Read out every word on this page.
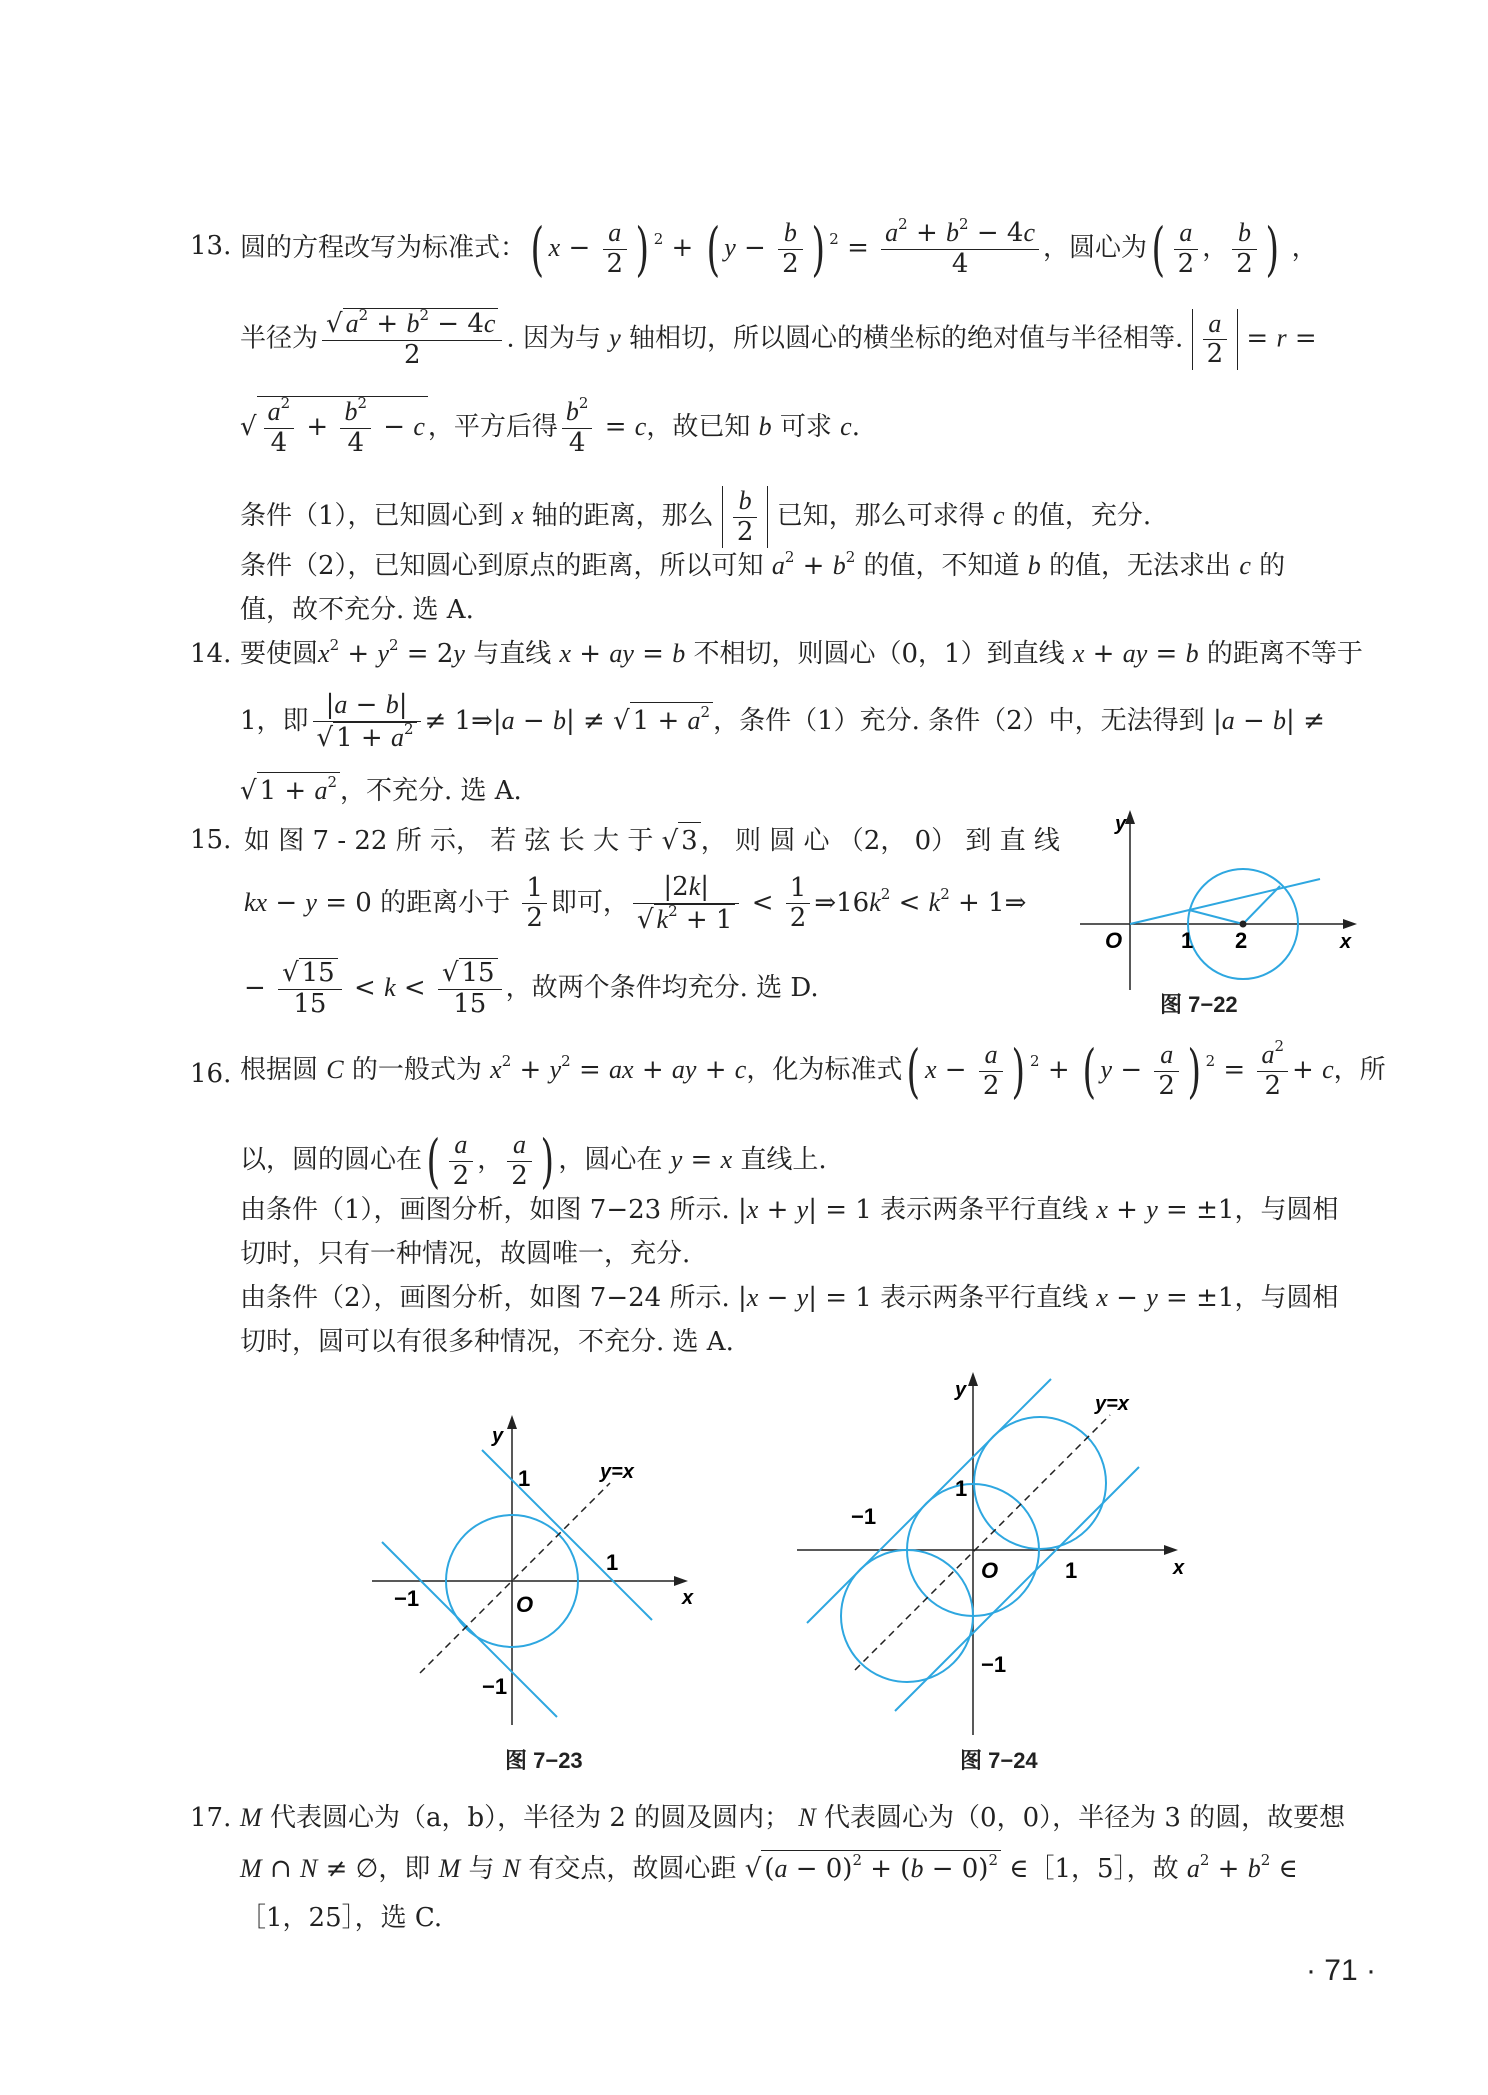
13. 圆的方程改写为标准式：( $x - \frac{a}{2}$ ) $^2$ + ( $y - \frac{b}{2}$ ) $^2 = \frac{a^2 + b^2 - 4c}{4}$ ，圆心为( $\frac{a}{2}$ ， $\frac{b}{2}$ ) ，
半径为 $\frac{√ a^2 + b^2 - 4c}{2}$ . 因为与 y 轴相切，所以圆心的横坐标的绝对值与半径相等. $\frac{a}{2} = r$ =
√ $\frac{a^2}{4} + \frac{b^2}{4} - c$ ，平方后得 $\frac{b^2}{4} = c$，故已知 b 可求 c.
条件（1），已知圆心到 x 轴的距离，那么 $\frac{b}{2}$ 已知，那么可求得 c 的值，充分.
条件（2），已知圆心到原点的距离，所以可知 $a^2 + b^2$ 的值，不知道 b 的值，无法求出 c 的
值，故不充分. 选 A.
14. 要使圆$x^2 + y^2 = 2y$ 与直线 x + ay = b 不相切，则圆心（0，1）到直线 x + ay = b 的距离不等于
1，即 $\frac{|a - b|}{√ 1 + a^2}$ ≠ 1⇒|a − b| ≠ √ $1 + a^2$ ，条件（1）充分. 条件（2）中，无法得到 |a − b| ≠
√ $1 + a^2$ ，不充分. 选 A.
15. 如 图 7 - 22 所 示， 若 弦 长 大 于 √ 3 ， 则 圆 心 （2， 0） 到 直 线
kx − y = 0 的距离小于 $\frac{1}{2}$ 即可， $\frac{|2k|}{√ k^2 + 1} < \frac{1}{2}$ $\Rightarrow 16k^2 < k^2$ + 1⇒
− $\frac{√ 15}{15} < k < \frac{√ 15}{15}$ ，故两个条件均充分. 选 D.
y
O	1 2	x
图 7−22
16. 根据圆 C 的一般式为 $x^2 + y^2$ = ax + ay + c，化为标准式( $x - \frac{a}{2}$ ) $^2$ + ( $y - \frac{a}{2}$ ) $^2 = \frac{a^2}{2} + c$，所
以，圆的圆心在( $\frac{a}{2}$ ， $\frac{a}{2}$ ) ，圆心在 y = x 直线上.
由条件（1），画图分析，如图 7−23 所示. |x + y| = 1 表示两条平行直线 x + y = ±1，与圆相
切时，只有一种情况，故圆唯一，充分.
由条件（2），画图分析，如图 7−24 所示. |x − y| = 1 表示两条平行直线 x − y = ±1，与圆相
切时，圆可以有很多种情况，不充分. 选 A.
y
y=x
O	x
1
−1
1
−1
图 7−23
y
y=x
O	x
1
−1
1
−1
图 7−24
17. M 代表圆心为（a，b），半径为 2 的圆及圆内； N 代表圆心为（0，0），半径为 3 的圆，故要想
M ∩ N ≠ ∅，即 M 与 N 有交点，故圆心距 √ $(a - 0)^2 + (b - 0)^2$ ∈［1，5］，故 $a^2 + b^2$ ∈
［1，25］，选 C.
· 71 ·
